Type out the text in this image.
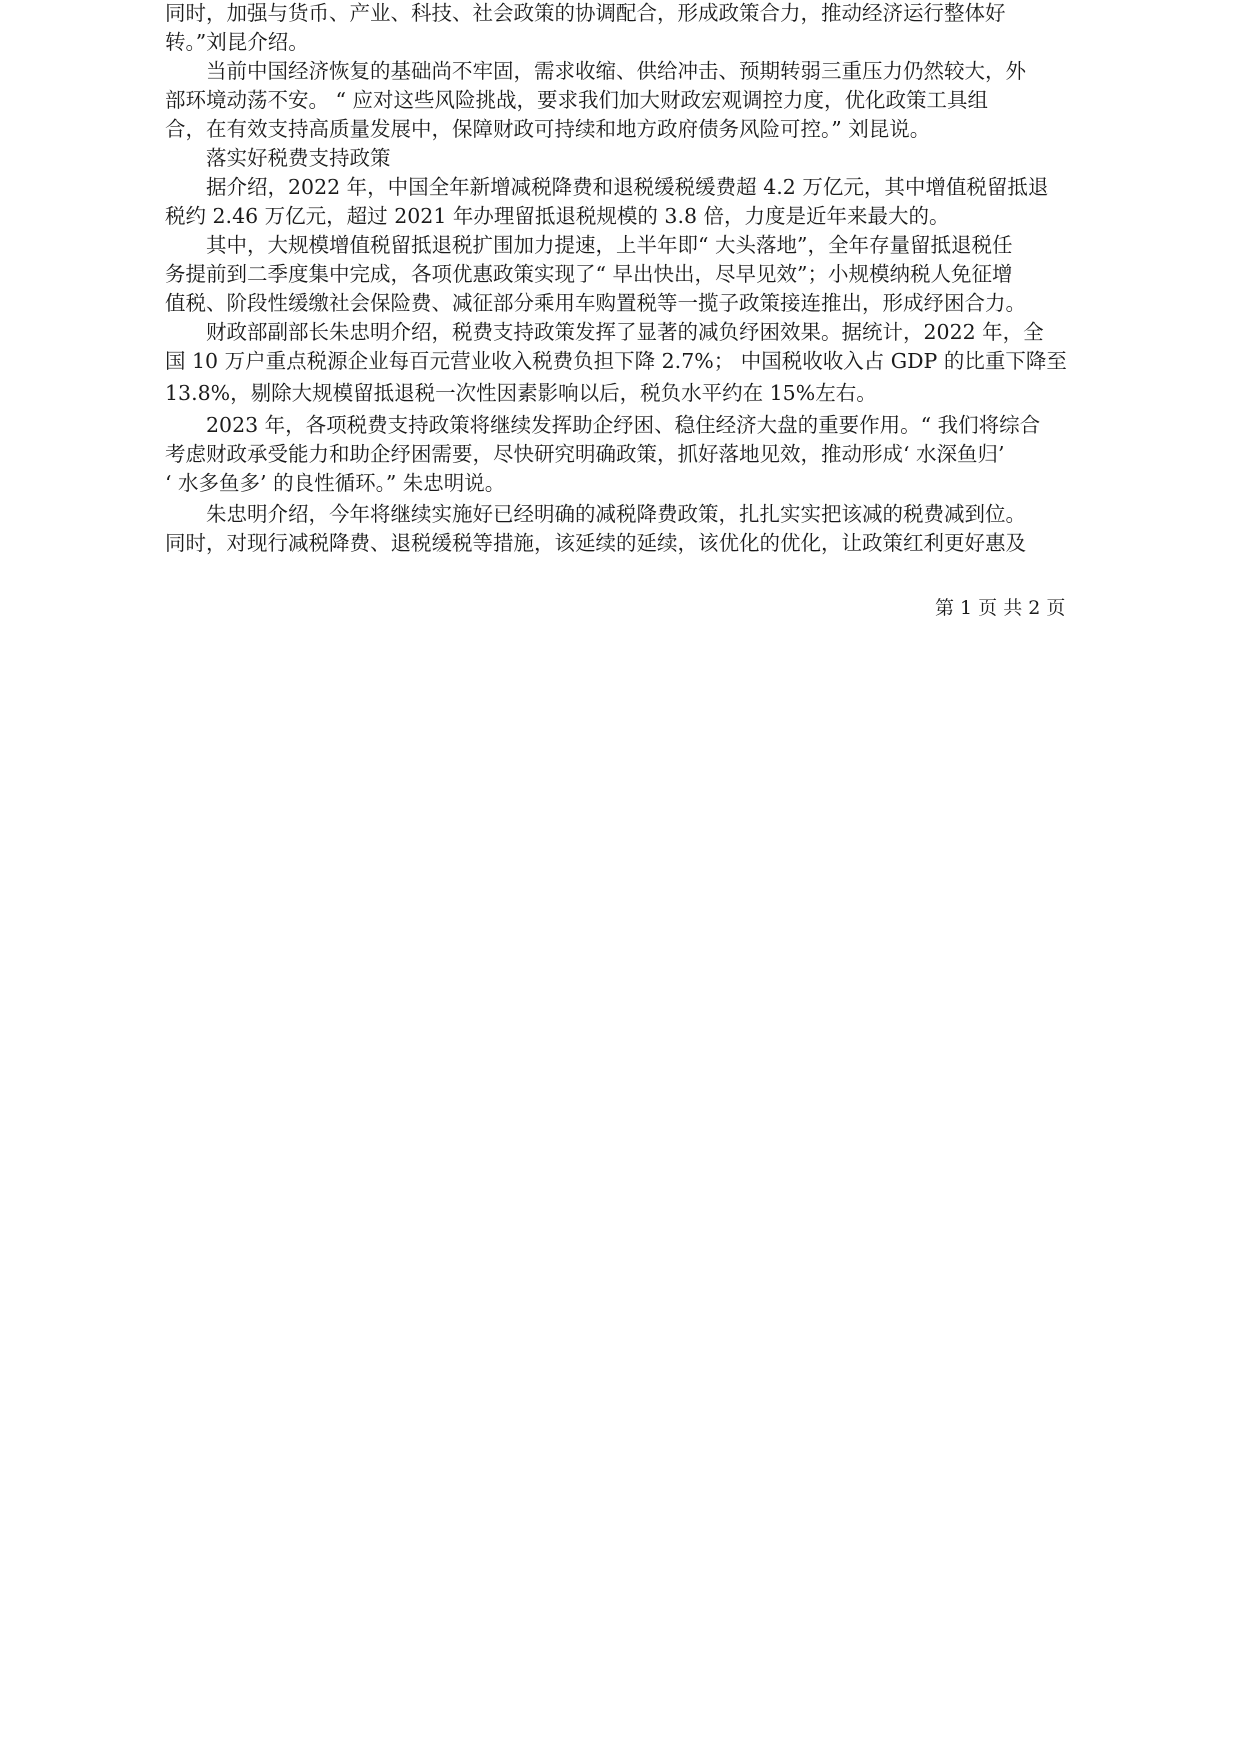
同时，加强与货币、产业、科技、社会政策的协调配合，形成政策合力，推动经济运行整体好
转。”刘昆介绍。
　　当前中国经济恢复的基础尚不牢固，需求收缩、供给冲击、预期转弱三重压力仍然较大，外
部环境动荡不安。 “ 应对这些风险挑战，要求我们加大财政宏观调控力度，优化政策工具组
合，在有效支持高质量发展中，保障财政可持续和地方政府债务风险可控。” 刘昆说。
　　落实好税费支持政策
　　据介绍，2022 年，中国全年新增减税降费和退税缓税缓费超 4.2 万亿元，其中增值税留抵退
税约 2.46 万亿元，超过 2021 年办理留抵退税规模的 3.8 倍，力度是近年来最大的。
　　其中，大规模增值税留抵退税扩围加力提速，上半年即“ 大头落地”，全年存量留抵退税任
务提前到二季度集中完成，各项优惠政策实现了“ 早出快出，尽早见效”；小规模纳税人免征增
值税、阶段性缓缴社会保险费、减征部分乘用车购置税等一揽子政策接连推出，形成纾困合力。
　　财政部副部长朱忠明介绍，税费支持政策发挥了显著的减负纾困效果。据统计，2022 年，全
国 10 万户重点税源企业每百元营业收入税费负担下降 2.7%； 中国税收收入占 GDP 的比重下降至
13.8%，剔除大规模留抵退税一次性因素影响以后，税负水平约在 15%左右。
　　2023 年，各项税费支持政策将继续发挥助企纾困、稳住经济大盘的重要作用。“ 我们将综合
考虑财政承受能力和助企纾困需要，尽快研究明确政策，抓好落地见效，推动形成‘ 水深鱼归’
‘ 水多鱼多’ 的良性循环。” 朱忠明说。
　　朱忠明介绍，今年将继续实施好已经明确的减税降费政策，扎扎实实把该减的税费减到位。
同时，对现行减税降费、退税缓税等措施，该延续的延续，该优化的优化，让政策红利更好惠及
第 1 页 共 2 页
